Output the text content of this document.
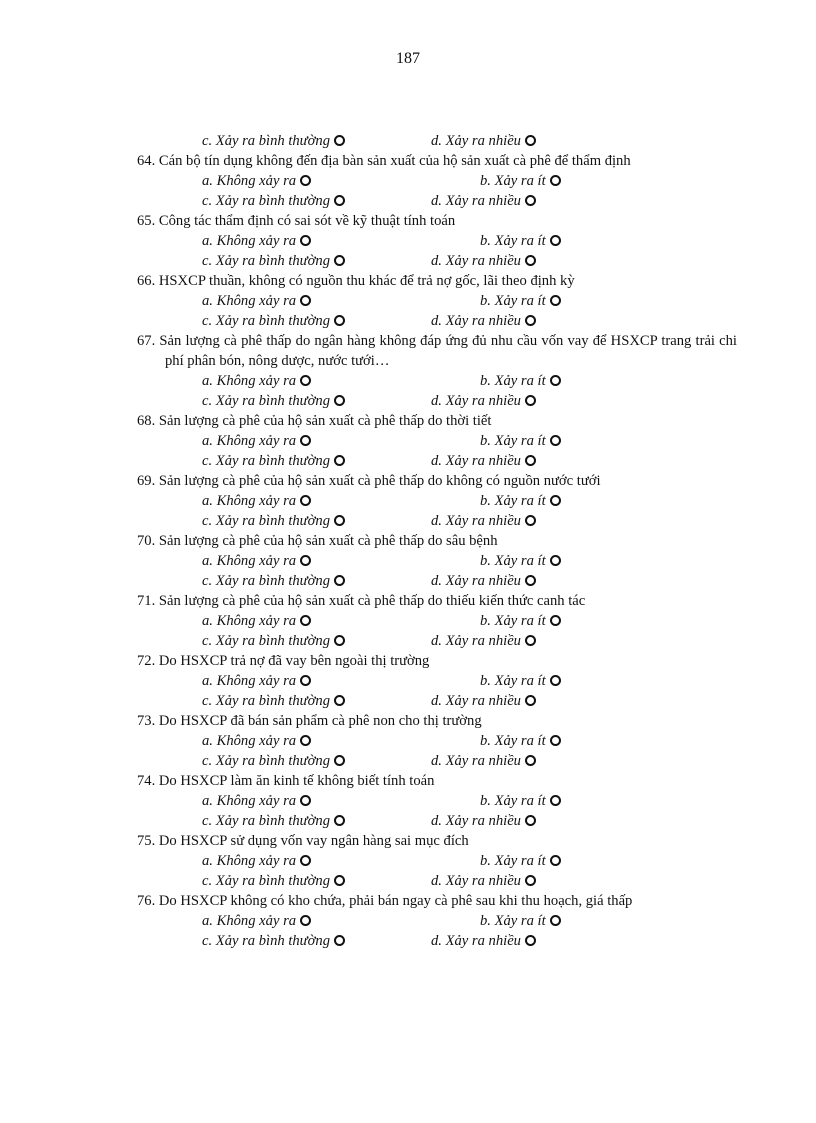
187
c. Xảy ra bình thường	d. Xảy ra nhiều
64. Cán bộ tín dụng không đến địa bàn sản xuất của hộ sản xuất cà phê để thẩm định
a. Không xảy ra	b. Xảy ra ít
c. Xảy ra bình thường	d. Xảy ra nhiều
65. Công tác thẩm định có sai sót về kỹ thuật tính toán
a. Không xảy ra	b. Xảy ra ít
c. Xảy ra bình thường	d. Xảy ra nhiều
66. HSXCP thuần, không có nguồn thu khác để trả nợ gốc, lãi theo định kỳ
a. Không xảy ra	b. Xảy ra ít
c. Xảy ra bình thường	d. Xảy ra nhiều
67. Sản lượng cà phê thấp do ngân hàng không đáp ứng đủ nhu cầu vốn vay để HSXCP trang trải chi phí phân bón, nông dược, nước tưới…
a. Không xảy ra	b. Xảy ra ít
c. Xảy ra bình thường	d. Xảy ra nhiều
68. Sản lượng cà phê của hộ sản xuất cà phê thấp do thời tiết
a. Không xảy ra	b. Xảy ra ít
c. Xảy ra bình thường	d. Xảy ra nhiều
69. Sản lượng cà phê của hộ sản xuất cà phê thấp do không có nguồn nước tưới
a. Không xảy ra	b. Xảy ra ít
c. Xảy ra bình thường	d. Xảy ra nhiều
70. Sản lượng cà phê của hộ sản xuất cà phê thấp do sâu bệnh
a. Không xảy ra	b. Xảy ra ít
c. Xảy ra bình thường	d. Xảy ra nhiều
71. Sản lượng cà phê của hộ sản xuất cà phê thấp do thiếu kiến thức canh tác
a. Không xảy ra	b. Xảy ra ít
c. Xảy ra bình thường	d. Xảy ra nhiều
72. Do HSXCP trả nợ đã vay bên ngoài thị trường
a. Không xảy ra	b. Xảy ra ít
c. Xảy ra bình thường	d. Xảy ra nhiều
73. Do HSXCP đã bán sản phẩm cà phê non cho thị trường
a. Không xảy ra	b. Xảy ra ít
c. Xảy ra bình thường	d. Xảy ra nhiều
74. Do HSXCP làm ăn kinh tế không biết tính toán
a. Không xảy ra	b. Xảy ra ít
c. Xảy ra bình thường	d. Xảy ra nhiều
75. Do HSXCP sử dụng vốn vay ngân hàng sai mục đích
a. Không xảy ra	b. Xảy ra ít
c. Xảy ra bình thường	d. Xảy ra nhiều
76. Do HSXCP không có kho chứa, phải bán ngay cà phê sau khi thu hoạch, giá thấp
a. Không xảy ra	b. Xảy ra ít
c. Xảy ra bình thường	d. Xảy ra nhiều
